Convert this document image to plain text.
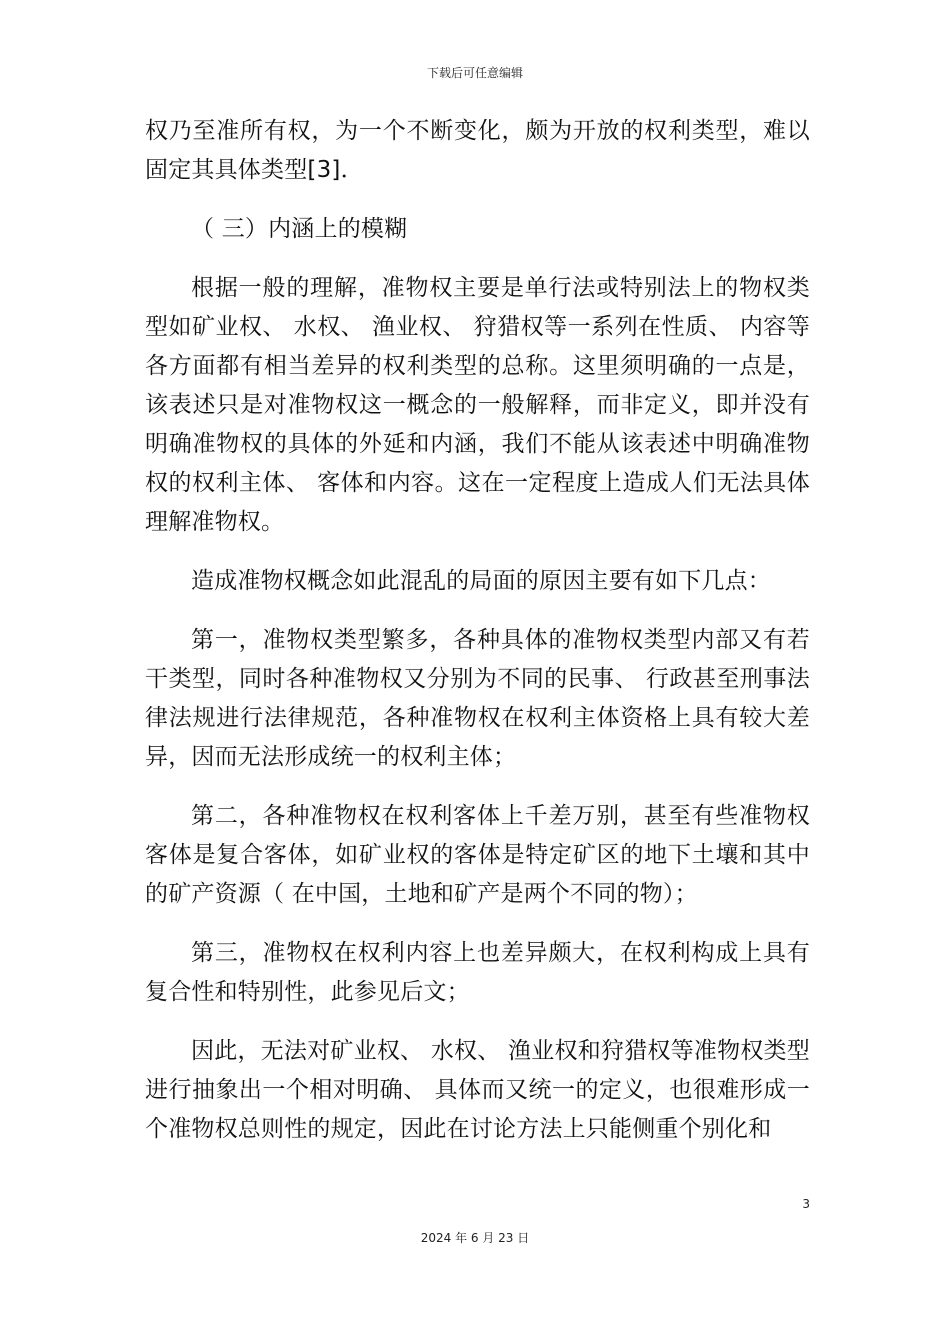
下载后可任意编辑

权乃至准所有权，为一个不断变化，颇为开放的权利类型，难以固定其具体类型[3]．

（ 三）内涵上的模糊

根据一般的理解，准物权主要是单行法或特别法上的物权类型如矿业权、 水权、 渔业权、 狩猎权等一系列在性质、 内容等各方面都有相当差异的权利类型的总称。这里须明确的一点是，该表述只是对准物权这一概念的一般解释，而非定义，即并没有明确准物权的具体的外延和内涵，我们不能从该表述中明确准物权的权利主体、 客体和内容。这在一定程度上造成人们无法具体理解准物权。

造成准物权概念如此混乱的局面的原因主要有如下几点：

第一，准物权类型繁多，各种具体的准物权类型内部又有若干类型，同时各种准物权又分别为不同的民事、 行政甚至刑事法律法规进行法律规范，各种准物权在权利主体资格上具有较大差异，因而无法形成统一的权利主体；

第二，各种准物权在权利客体上千差万别，甚至有些准物权客体是复合客体，如矿业权的客体是特定矿区的地下土壤和其中的矿产资源（ 在中国，土地和矿产是两个不同的物）；

第三，准物权在权利内容上也差异颇大，在权利构成上具有复合性和特别性，此参见后文；

因此，无法对矿业权、 水权、 渔业权和狩猎权等准物权类型进行抽象出一个相对明确、 具体而又统一的定义，也很难形成一个准物权总则性的规定，因此在讨论方法上只能侧重个别化和

3
2024 年 6 月 23 日
